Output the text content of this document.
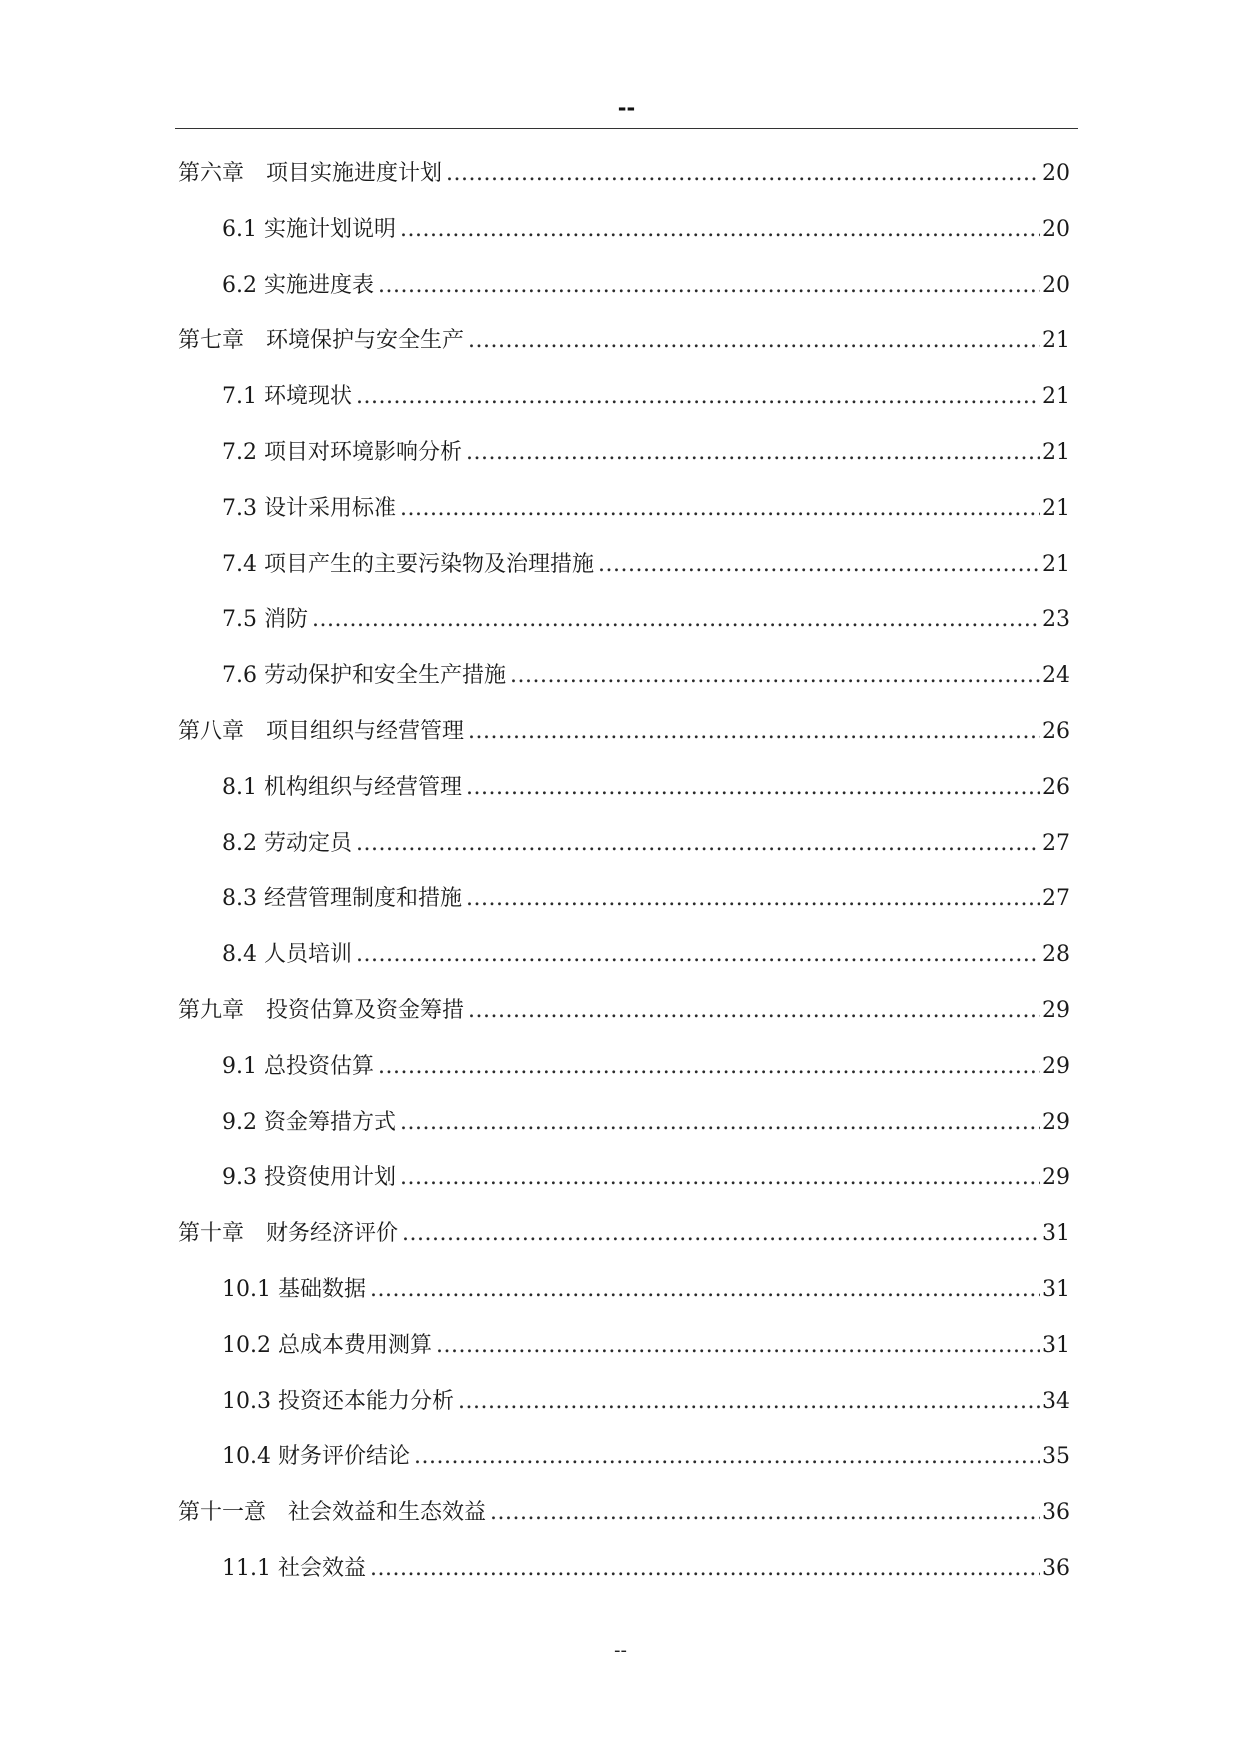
--
第六章　项目实施进度计划 .....	20
6.1 实施计划说明 .....	20
6.2 实施进度表 .....	20
第七章　环境保护与安全生产 .....	21
7.1 环境现状 .....	21
7.2 项目对环境影响分析 .....	21
7.3 设计采用标准 .....	21
7.4 项目产生的主要污染物及治理措施 .....	21
7.5 消防 .....	23
7.6 劳动保护和安全生产措施 .....	24
第八章　项目组织与经营管理 .....	26
8.1 机构组织与经营管理 .....	26
8.2 劳动定员 .....	27
8.3 经营管理制度和措施 .....	27
8.4 人员培训 .....	28
第九章　投资估算及资金筹措 .....	29
9.1 总投资估算 .....	29
9.2 资金筹措方式 .....	29
9.3 投资使用计划 .....	29
第十章　财务经济评价 .....	31
10.1 基础数据 .....	31
10.2 总成本费用测算 .....	31
10.3 投资还本能力分析 .....	34
10.4 财务评价结论 .....	35
第十一意　社会效益和生态效益 .....	36
11.1 社会效益 .....	36
--
